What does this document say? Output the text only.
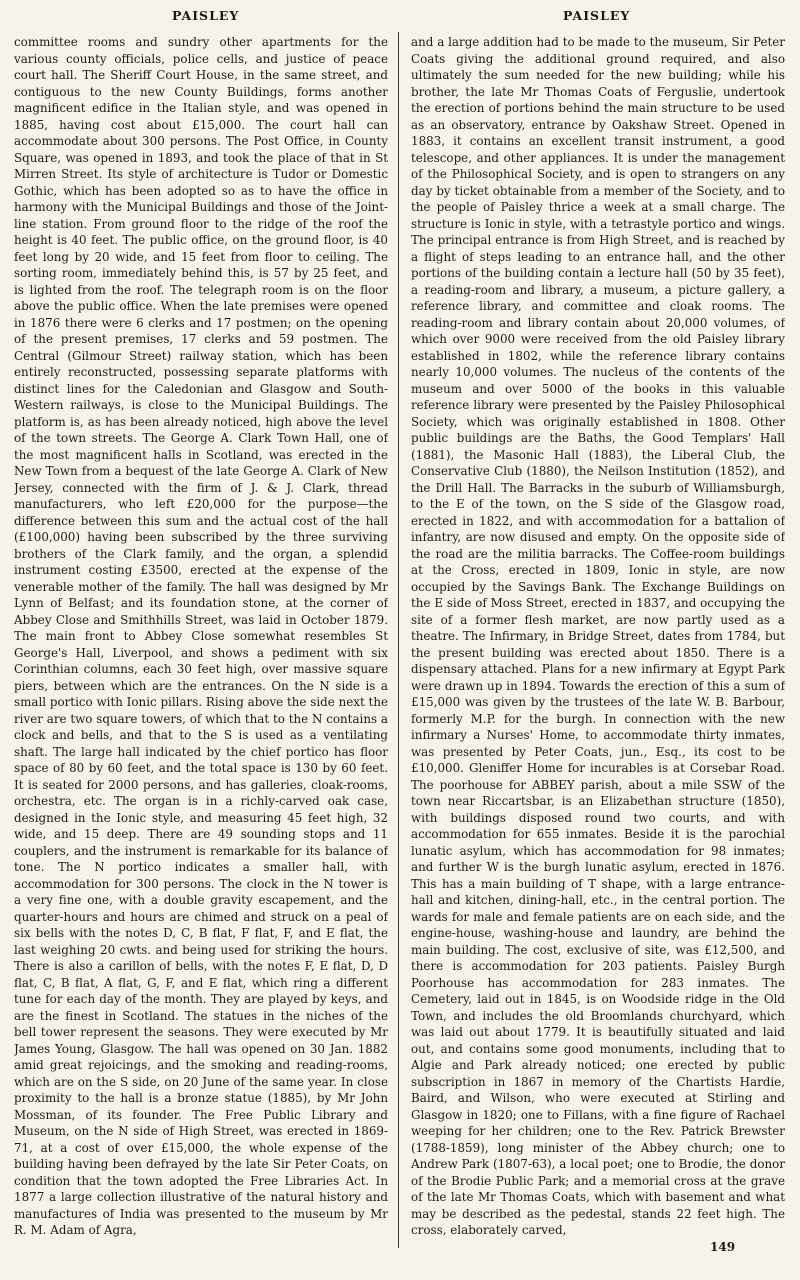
PAISLEY	PAISLEY

committee rooms and sundry other apartments for the various county officials, police cells, and justice of peace court hall. The Sheriff Court House, in the same street, and contiguous to the new County Buildings, forms another magnificent edifice in the Italian style, and was opened in 1885, having cost about £15,000. The court hall can accommodate about 300 persons. The Post Office, in County Square, was opened in 1893, and took the place of that in St Mirren Street. Its style of architecture is Tudor or Domestic Gothic, which has been adopted so as to have the office in harmony with the Municipal Buildings and those of the Joint-line station. From ground floor to the ridge of the roof the height is 40 feet. The public office, on the ground floor, is 40 feet long by 20 wide, and 15 feet from floor to ceiling. The sorting room, immediately behind this, is 57 by 25 feet, and is lighted from the roof. The telegraph room is on the floor above the public office. When the late premises were opened in 1876 there were 6 clerks and 17 postmen; on the opening of the present premises, 17 clerks and 59 postmen. The Central (Gilmour Street) railway station, which has been entirely reconstructed, possessing separate platforms with distinct lines for the Caledonian and Glasgow and South-Western railways, is close to the Municipal Buildings. The platform is, as has been already noticed, high above the level of the town streets. The George A. Clark Town Hall, one of the most magnificent halls in Scotland, was erected in the New Town from a bequest of the late George A. Clark of New Jersey, connected with the firm of J. & J. Clark, thread manufacturers, who left £20,000 for the purpose—the difference between this sum and the actual cost of the hall (£100,000) having been subscribed by the three surviving brothers of the Clark family, and the organ, a splendid instrument costing £3500, erected at the expense of the venerable mother of the family. The hall was designed by Mr Lynn of Belfast; and its foundation stone, at the corner of Abbey Close and Smithhills Street, was laid in October 1879. The main front to Abbey Close somewhat resembles St George's Hall, Liverpool, and shows a pediment with six Corinthian columns, each 30 feet high, over massive square piers, between which are the entrances. On the N side is a small portico with Ionic pillars. Rising above the side next the river are two square towers, of which that to the N contains a clock and bells, and that to the S is used as a ventilating shaft. The large hall indicated by the chief portico has floor space of 80 by 60 feet, and the total space is 130 by 60 feet. It is seated for 2000 persons, and has galleries, cloak-rooms, orchestra, etc. The organ is in a richly-carved oak case, designed in the Ionic style, and measuring 45 feet high, 32 wide, and 15 deep. There are 49 sounding stops and 11 couplers, and the instrument is remarkable for its balance of tone. The N portico indicates a smaller hall, with accommodation for 300 persons. The clock in the N tower is a very fine one, with a double gravity escapement, and the quarter-hours and hours are chimed and struck on a peal of six bells with the notes D, C, B flat, F flat, F, and E flat, the last weighing 20 cwts. and being used for striking the hours. There is also a carillon of bells, with the notes F, E flat, D, D flat, C, B flat, A flat, G, F, and E flat, which ring a different tune for each day of the month. They are played by keys, and are the finest in Scotland. The statues in the niches of the bell tower represent the seasons. They were executed by Mr James Young, Glasgow. The hall was opened on 30 Jan. 1882 amid great rejoicings, and the smoking and reading-rooms, which are on the S side, on 20 June of the same year. In close proximity to the hall is a bronze statue (1885), by Mr John Mossman, of its founder. The Free Public Library and Museum, on the N side of High Street, was erected in 1869-71, at a cost of over £15,000, the whole expense of the building having been defrayed by the late Sir Peter Coats, on condition that the town adopted the Free Libraries Act. In 1877 a large collection illustrative of the natural history and manufactures of India was presented to the museum by Mr R. M. Adam of Agra,

and a large addition had to be made to the museum, Sir Peter Coats giving the additional ground required, and also ultimately the sum needed for the new building; while his brother, the late Mr Thomas Coats of Ferguslie, undertook the erection of portions behind the main structure to be used as an observatory, entrance by Oakshaw Street. Opened in 1883, it contains an excellent transit instrument, a good telescope, and other appliances. It is under the management of the Philosophical Society, and is open to strangers on any day by ticket obtainable from a member of the Society, and to the people of Paisley thrice a week at a small charge. The structure is Ionic in style, with a tetrastyle portico and wings. The principal entrance is from High Street, and is reached by a flight of steps leading to an entrance hall, and the other portions of the building contain a lecture hall (50 by 35 feet), a reading-room and library, a museum, a picture gallery, a reference library, and committee and cloak rooms. The reading-room and library contain about 20,000 volumes, of which over 9000 were received from the old Paisley library established in 1802, while the reference library contains nearly 10,000 volumes. The nucleus of the contents of the museum and over 5000 of the books in this valuable reference library were presented by the Paisley Philosophical Society, which was originally established in 1808. Other public buildings are the Baths, the Good Templars' Hall (1881), the Masonic Hall (1883), the Liberal Club, the Conservative Club (1880), the Neilson Institution (1852), and the Drill Hall. The Barracks in the suburb of Williamsburgh, to the E of the town, on the S side of the Glasgow road, erected in 1822, and with accommodation for a battalion of infantry, are now disused and empty. On the opposite side of the road are the militia barracks. The Coffee-room buildings at the Cross, erected in 1809, Ionic in style, are now occupied by the Savings Bank. The Exchange Buildings on the E side of Moss Street, erected in 1837, and occupying the site of a former flesh market, are now partly used as a theatre. The Infirmary, in Bridge Street, dates from 1784, but the present building was erected about 1850. There is a dispensary attached. Plans for a new infirmary at Egypt Park were drawn up in 1894. Towards the erection of this a sum of £15,000 was given by the trustees of the late W. B. Barbour, formerly M.P. for the burgh. In connection with the new infirmary a Nurses' Home, to accommodate thirty inmates, was presented by Peter Coats, jun., Esq., its cost to be £10,000. Gleniffer Home for incurables is at Corsebar Road. The poorhouse for ABBEY parish, about a mile SSW of the town near Riccartsbar, is an Elizabethan structure (1850), with buildings disposed round two courts, and with accommodation for 655 inmates. Beside it is the parochial lunatic asylum, which has accommodation for 98 inmates; and further W is the burgh lunatic asylum, erected in 1876. This has a main building of T shape, with a large entrance-hall and kitchen, dining-hall, etc., in the central portion. The wards for male and female patients are on each side, and the engine-house, washing-house and laundry, are behind the main building. The cost, exclusive of site, was £12,500, and there is accommodation for 203 patients. Paisley Burgh Poorhouse has accommodation for 283 inmates. The Cemetery, laid out in 1845, is on Woodside ridge in the Old Town, and includes the old Broomlands churchyard, which was laid out about 1779. It is beautifully situated and laid out, and contains some good monuments, including that to Algie and Park already noticed; one erected by public subscription in 1867 in memory of the Chartists Hardie, Baird, and Wilson, who were executed at Stirling and Glasgow in 1820; one to Fillans, with a fine figure of Rachael weeping for her children; one to the Rev. Patrick Brewster (1788-1859), long minister of the Abbey church; one to Andrew Park (1807-63), a local poet; one to Brodie, the donor of the Brodie Public Park; and a memorial cross at the grave of the late Mr Thomas Coats, which with basement and what may be described as the pedestal, stands 22 feet high. The cross, elaborately carved,

149
